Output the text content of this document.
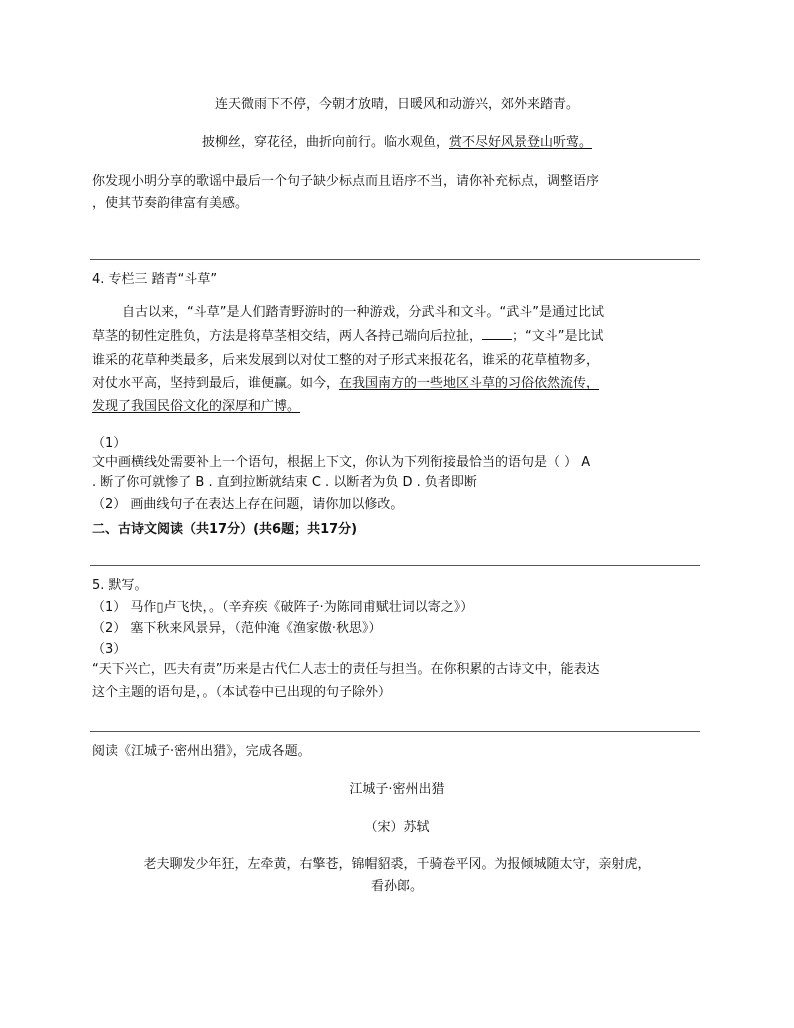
连天微雨下不停，今朝才放晴，日暖风和动游兴，郊外来踏青。
披柳丝，穿花径，曲折向前行。临水观鱼，赏不尽好风景登山听莺。
你发现小明分享的歌谣中最后一个句子缺少标点而且语序不当，请你补充标点，调整语序
，使其节奏韵律富有美感。
4. 专栏三 踏青“斗草”
自古以来，“斗草”是人们踏青野游时的一种游戏，分武斗和文斗。“武斗”是通过比试
草茎的韧性定胜负，方法是将草茎相交结，两人各持己端向后拉扯， ；“文斗”是比试
谁采的花草种类最多，后来发展到以对仗工整的对子形式来报花名，谁采的花草植物多，
对仗水平高，坚持到最后，谁便赢。如今，在我国南方的一些地区斗草的习俗依然流传，
发现了我国民俗文化的深厚和广博。
（1）
文中画横线处需要补上一个语句，根据上下文，你认为下列衔接最恰当的语句是（ ） A
. 断了你可就惨了 B . 直到拉断就结束 C . 以断者为负 D . 负者即断
（2） 画曲线句子在表达上存在问题，请你加以修改。
二、古诗文阅读（共17分）(共6题；共17分)
5. 默写。
（1） 马作▯卢飞快，。（辛弃疾《破阵子·为陈同甫赋壮词以寄之》）
（2） 塞下秋来风景异，（范仲淹《渔家傲·秋思》）
（3）
“天下兴亡，匹夫有责”历来是古代仁人志士的责任与担当。在你积累的古诗文中，能表达
这个主题的语句是，。（本试卷中已出现的句子除外）
阅读《江城子·密州出猎》，完成各题。
江城子·密州出猎
（宋）苏轼
老夫聊发少年狂，左牵黄，右擎苍，锦帽貂裘，千骑卷平冈。为报倾城随太守，亲射虎，
看孙郎。
